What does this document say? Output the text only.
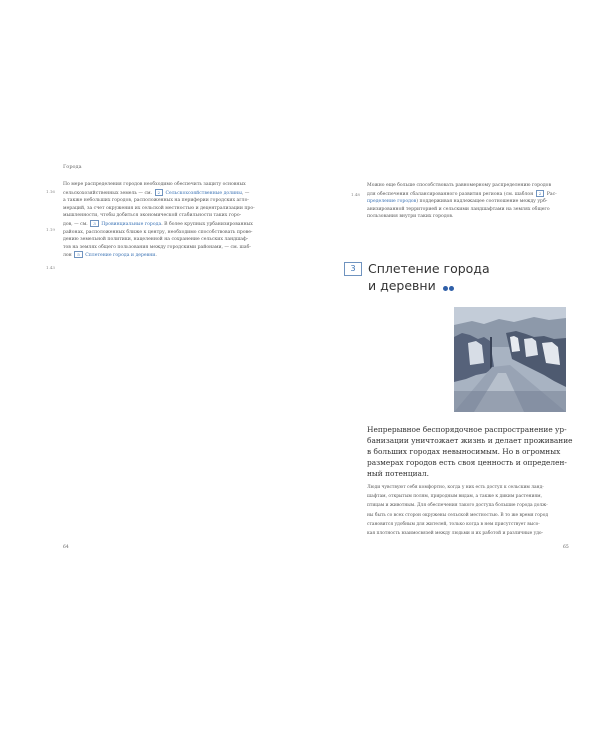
Города
1.16
1.19
1.43
По мере распределения городов необходимо обеспечить защиту основных
сельскохозяйственных земель — см. 2 Сельскохозяйственные долины, —
а также небольших городов, расположенных на периферии городских агло-
мераций, за счет окружения их сельской местностью и децентрализации про-
мышленности, чтобы добиться экономической стабильности таких горо-
дов, — см. 3 Провинциальные города. В более крупных урбанизированных
районах, расположенных ближе к центру, необходимо способствовать прове-
дению земельной политики, нацеленной на сохранение сельских ландшаф-
тов на землях общего пользования между городскими районами, — см. шаб-
лон 5 Сплетение города и деревни.
64
1.48
Можно еще больше способствовать равномерному распределению городов
для обеспечения сбалансированного развития региона (см. шаблон 2 Рас-
пределение городов) поддерживая надлежащее соотношение между урб-
анизированной территорией и сельскими ландшафтами на землях общего
пользования внутри таких городов.
3 Сплетение города
и деревни
Непрерывное беспорядочное распространение ур-
банизации уничтожает жизнь и делает проживание
в больших городах невыносимым. Но в огромных
размерах городов есть своя ценность и определен-
ный потенциал.
Люди чувствуют себя комфортно, когда у них есть доступ к сельским ланд-
шафтам, открытым полям, природным видам, а также к диким растениям,
птицам и животным. Для обеспечения такого доступа большие города долж-
ны быть со всех сторон окружены сельской местностью. В то же время город
становится удобным для жителей, только когда в нем присутствует высо-
кая плотность взаимосвязей между людьми и их работой и различные удо-
65
